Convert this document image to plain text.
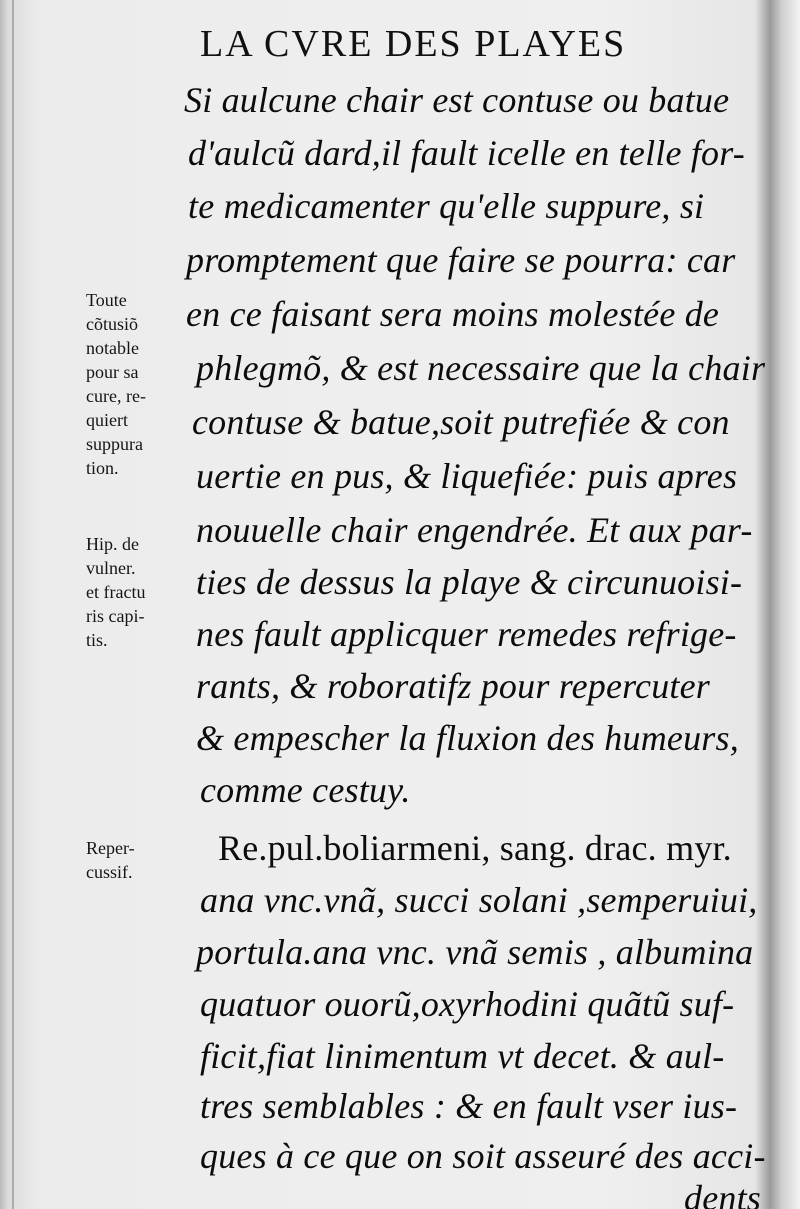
LA CVRE DES PLAYES
Si aulcune chair est contuse ou batue
d'aulcũ dard,il fault icelle en telle for-
te medicamenter qu'elle suppure, si
promptement que faire se pourra: car
en ce faisant sera moins molestée de
phlegmõ, & est necessaire que la chair
contuse & batue,soit putrefiée & con
uertie en pus, & liquefiée: puis apres
nouuelle chair engendrée. Et aux par-
ties de dessus la playe & circunuoisi-
nes fault applicquer remedes refrige-
rants, & roboratifz pour repercuter
& empescher la fluxion des humeurs,
comme cestuy.
Re.pul.boliarmeni, sang. drac. myr.
ana vnc.vnã, succi solani ,semperuiui,
portula.ana vnc. vnã semis , albumina
quatuor ouorũ,oxyrhodini quãtũ suf-
ficit,fiat linimentum vt decet. & aul-
tres semblables : & en fault vser ius-
ques à ce que on soit asseuré des acci-
dents
Toute
cõtusiõ
notable
pour sa
cure, re-
quiert
suppura
tion.
Hip. de
vulner.
et fractu
ris capi-
tis.
Reper-
cussif.
